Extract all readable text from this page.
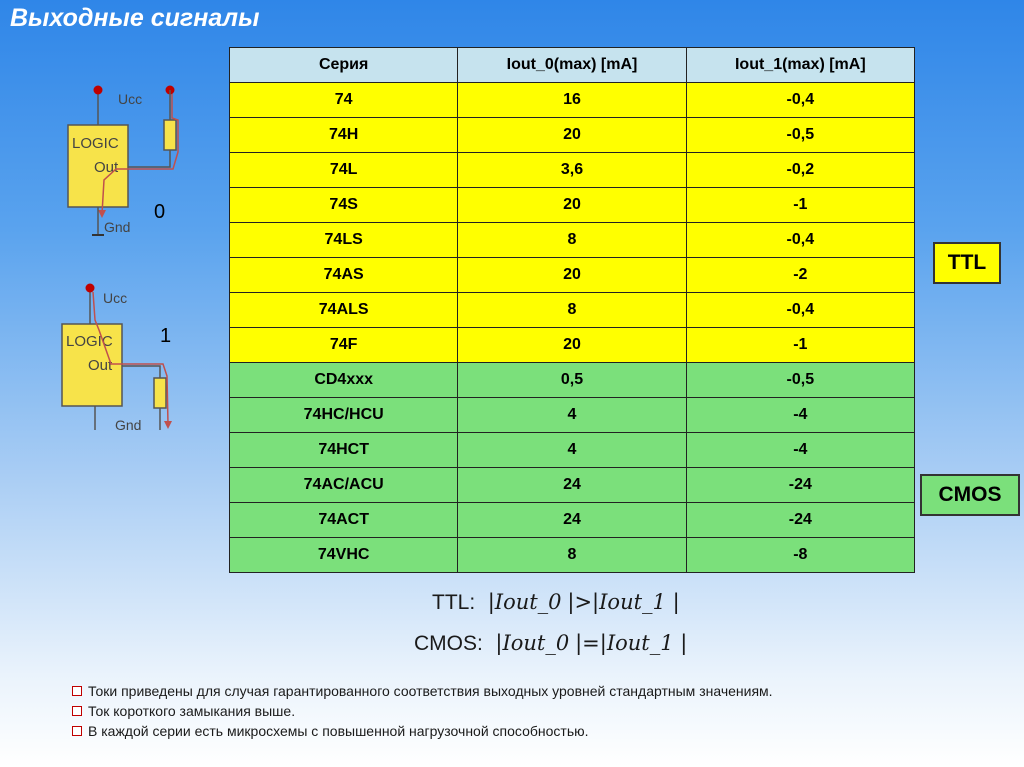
Выходные сигналы
LOGIC
Out
Ucc
Gnd
0
LOGIC
Out
Ucc
Gnd
1
Серия	Iout_0(max) [mA]	Iout_1(max) [mA]
74	16	-0,4
74H	20	-0,5
74L	3,6	-0,2
74S	20	-1
74LS	8	-0,4
74AS	20	-2
74ALS	8	-0,4
74F	20	-1
CD4xxx	0,5	-0,5
74HC/HCU	4	-4
74HCT	4	-4
74AC/ACU	24	-24
74ACT	24	-24
74VHC	8	-8
TTL
CMOS
TTL:  |Iout_0 |>|Iout_1 |
CMOS:  |Iout_0 |=|Iout_1 |
Токи приведены для случая гарантированного соответствия выходных уровней стандартным значениям.
Ток короткого замыкания выше.
В каждой серии есть микросхемы с повышенной нагрузочной способностью.
